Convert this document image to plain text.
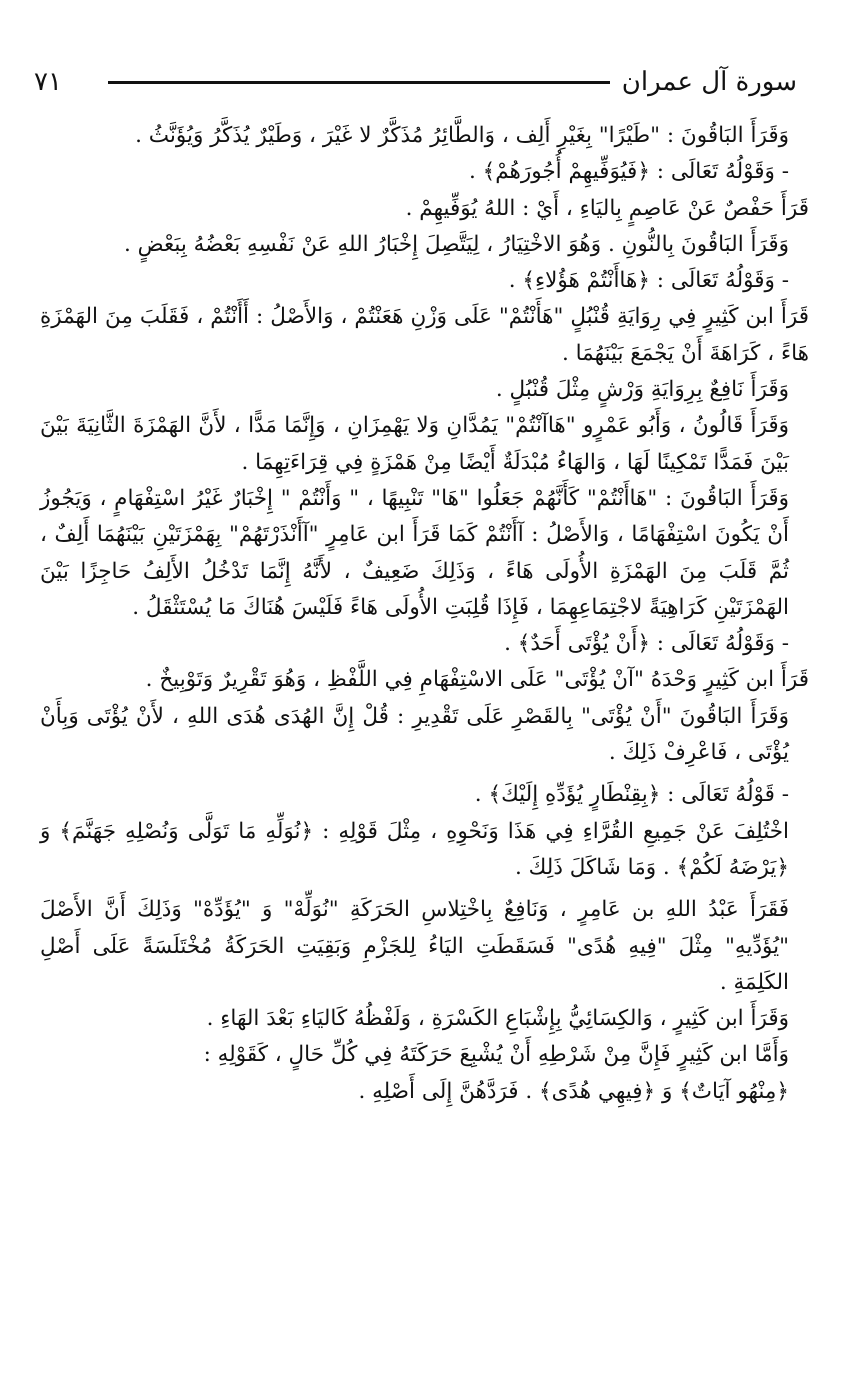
٧١	سورة آل عمران

وَقَرَأَ البَاقُونَ : "طَيْرًا" بِغَيْرِ أَلِف ، وَالطَّائِرُ مُذَكَّرٌ لا غَيْرَ ، وَطَيْرٌ يُذَكَّرُ وَيُؤَنَّثُ .

- وَقَوْلُهُ تَعَالَى : ﴿فَيُوَفِّيهِمْ أُجُورَهُمْ﴾ .

قَرَأَ حَفْصٌ عَنْ عَاصِمٍ بِاليَاءِ ، أَيْ : اللهُ يُوَفِّيهِمْ .

وَقَرَأَ البَاقُونَ بِالنُّونِ . وَهُوَ الاخْتِيَارُ ، لِيَتَّصِلَ إِخْبَارُ اللهِ عَنْ نَفْسِهِ بَعْضُهُ بِبَعْضٍ .

- وَقَوْلُهُ تَعَالَى : ﴿هَاأَنْتُمْ هَؤُلاءِ﴾ .

قَرَأَ ابن كَثِيرٍ فِي رِوَايَةِ قُنْبُلٍ "هَأَنْتُمْ" عَلَى وَزْنِ هَعَنْتُمْ ، وَالأَصْلُ : أَأَنْتُمْ ، فَقَلَبَ مِنَ الهَمْزَةِ هَاءً ، كَرَاهَةَ أَنْ يَجْمَعَ بَيْنَهُمَا .

وَقَرَأَ نَافِعٌ بِرِوَايَةِ وَرْشٍ مِثْلَ قُنْبُلٍ .

وَقَرَأَ قَالُونُ ، وَأَبُو عَمْرٍو "هَاآنْتُمْ" يَمُدَّانِ وَلا يَهْمِزَانِ ، وَإِنَّمَا مَدًّا ، لأَنَّ الهَمْزَةَ الثَّانِيَةَ بَيْنَ بَيْنَ فَمَدًّا تَمْكِينًا لَهَا ، وَالهَاءُ مُبْدَلَةٌ أَيْضًا مِنْ هَمْزَةٍ فِي قِرَاءَتِهِمَا .

وَقَرَأَ البَاقُونَ : "هَاأَنْتُمْ" كَأَنَّهُمْ جَعَلُوا "هَا" تَنْبِيهًا ، " وَأَنْتُمْ " إِخْبَارٌ غَيْرُ اسْتِفْهَامٍ ، وَيَجُوزُ أَنْ يَكُونَ اسْتِفْهَامًا ، وَالأَصْلُ : آأَنْتُمْ كَمَا قَرَأَ ابن عَامِرٍ "آأَنْذَرْتَهُمْ" بِهَمْزَتَيْنِ بَيْنَهُمَا أَلِفٌ ، ثُمَّ قَلَبَ مِنَ الهَمْزَةِ الأُولَى هَاءً ، وَذَلِكَ ضَعِيفٌ ، لأَنَّهُ إِنَّمَا تَدْخُلُ الأَلِفُ حَاجِزًا بَيْنَ الهَمْزَتَيْنِ كَرَاهِيَةً لاجْتِمَاعِهِمَا ، فَإِذَا قُلِبَتِ الأُولَى هَاءً فَلَيْسَ هُنَاكَ مَا يُسْتَثْقَلُ .

- وَقَوْلُهُ تَعَالَى : ﴿أَنْ يُؤْتَى أَحَدٌ﴾ .

قَرَأَ ابن كَثِيرٍ وَحْدَهُ "آنْ يُؤْتَى" عَلَى الاسْتِفْهَامِ فِي اللَّفْظِ ، وَهُوَ تَقْرِيرٌ وَتَوْبِيخٌ .

وَقَرَأَ البَاقُونَ "أَنْ يُؤْتَى" بِالقَصْرِ عَلَى تَقْدِيرِ : قُلْ إِنَّ الهُدَى هُدَى اللهِ ، لأَنْ يُؤْتَى وَبِأَنْ يُؤْتَى ، فَاعْرِفْ ذَلِكَ .

- قَوْلُهُ تَعَالَى : ﴿بِقِنْطَارٍ يُؤَدِّهِ إِلَيْكَ﴾ .

اخْتُلِفَ عَنْ جَمِيعِ القُرَّاءِ فِي هَذَا وَنَحْوِهِ ، مِثْلَ قَوْلِهِ : ﴿نُوَلِّهِ مَا تَوَلَّى وَنُصْلِهِ جَهَنَّمَ﴾ وَ ﴿يَرْضَهُ لَكُمْ﴾ . وَمَا شَاكَلَ ذَلِكَ .

فَقَرَأَ عَبْدُ اللهِ بن عَامِرٍ ، وَنَافِعٌ بِاخْتِلاسِ الحَرَكَةِ "نُوَلِّهْ" وَ "يُؤَدِّهْ" وَذَلِكَ أَنَّ الأَصْلَ "يُؤَدِّيهِ" مِثْلَ "فِيهِ هُدًى" فَسَقَطَتِ اليَاءُ لِلجَزْمِ وَبَقِيَتِ الحَرَكَةُ مُخْتَلَسَةً عَلَى أَصْلِ الكَلِمَةِ .

وَقَرَأَ ابن كَثِيرٍ ، وَالكِسَائِيُّ بِإِشْبَاعِ الكَسْرَةِ ، وَلَفْظُهُ كَاليَاءِ بَعْدَ الهَاءِ .

وَأَمَّا ابن كَثِيرٍ فَإِنَّ مِنْ شَرْطِهِ أَنْ يُشْبِعَ حَرَكَتَهُ فِي كُلِّ حَالٍ ، كَقَوْلِهِ :

﴿مِنْهُو آيَاتٌ﴾ وَ ﴿فِيهِي هُدًى﴾ . فَرَدَّهُنَّ إِلَى أَصْلِهِ .
